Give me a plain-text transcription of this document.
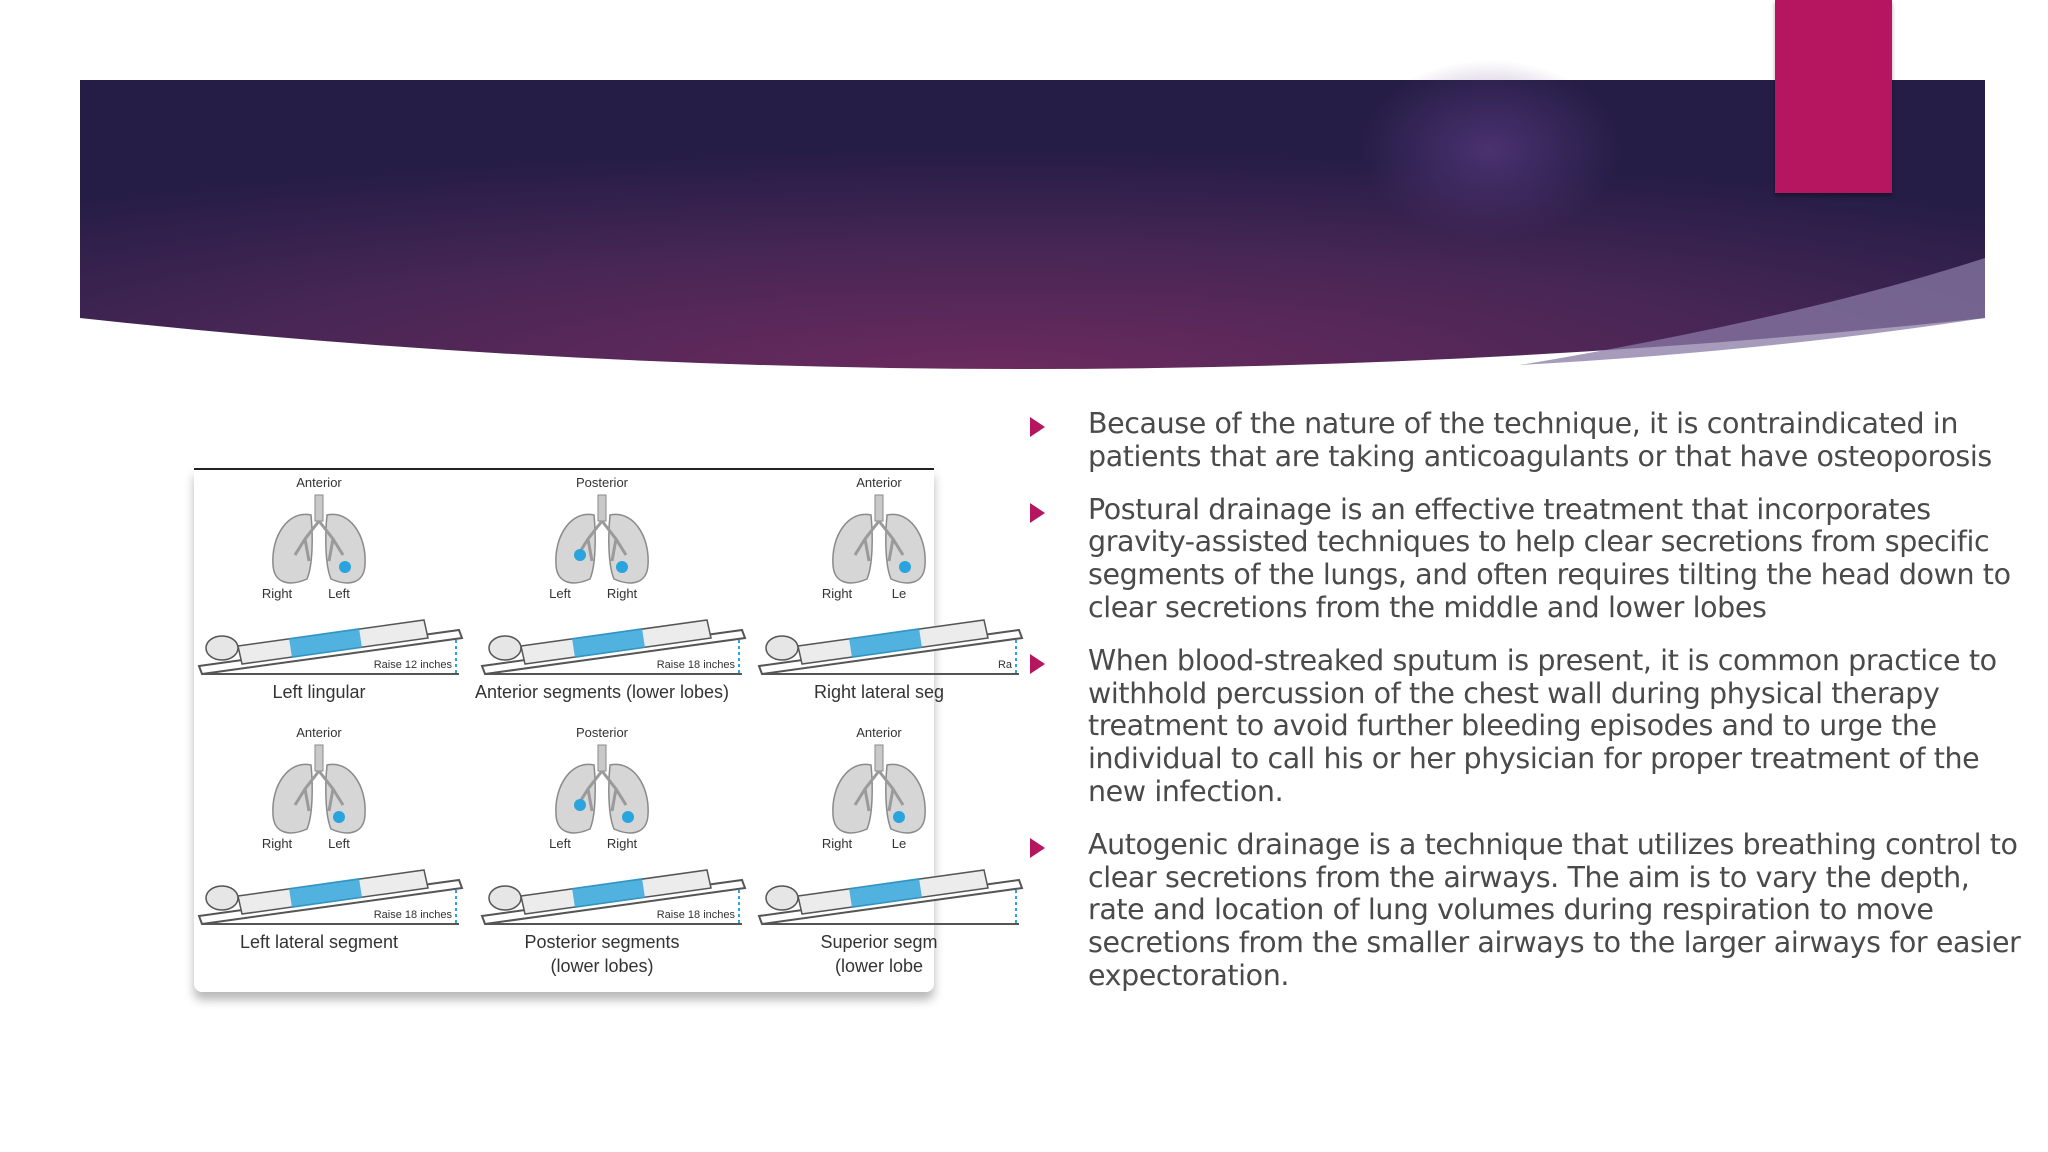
Anterior
Right	Left
Raise 12 inches
Left lingular
Posterior
Left	Right
Raise 18 inches
Anterior segments (lower lobes)
Anterior
Right	Le
Ra
Right lateral seg
Anterior
Right	Left
Raise 18 inches
Left lateral segment
Posterior
Left	Right
Raise 18 inches
Posterior segments
(lower lobes)
Anterior
Right	Le
Superior segm
(lower lobe
Because of the nature of the technique, it is contraindicated in patients that are taking anticoagulants or that have osteoporosis
Postural drainage is an effective treatment that incorporates gravity-assisted techniques to help clear secretions from specific segments of the lungs, and often requires tilting the head down to clear secretions from the middle and lower lobes
When blood-streaked sputum is present, it is common practice to withhold percussion of the chest wall during physical therapy treatment to avoid further bleeding episodes and to urge the individual to call his or her physician for proper treatment of the new infection.
Autogenic drainage is a technique that utilizes breathing control to clear secretions from the airways. The aim is to vary the depth, rate and location of lung volumes during respiration to move secretions from the smaller airways to the larger airways for easier expectoration.
